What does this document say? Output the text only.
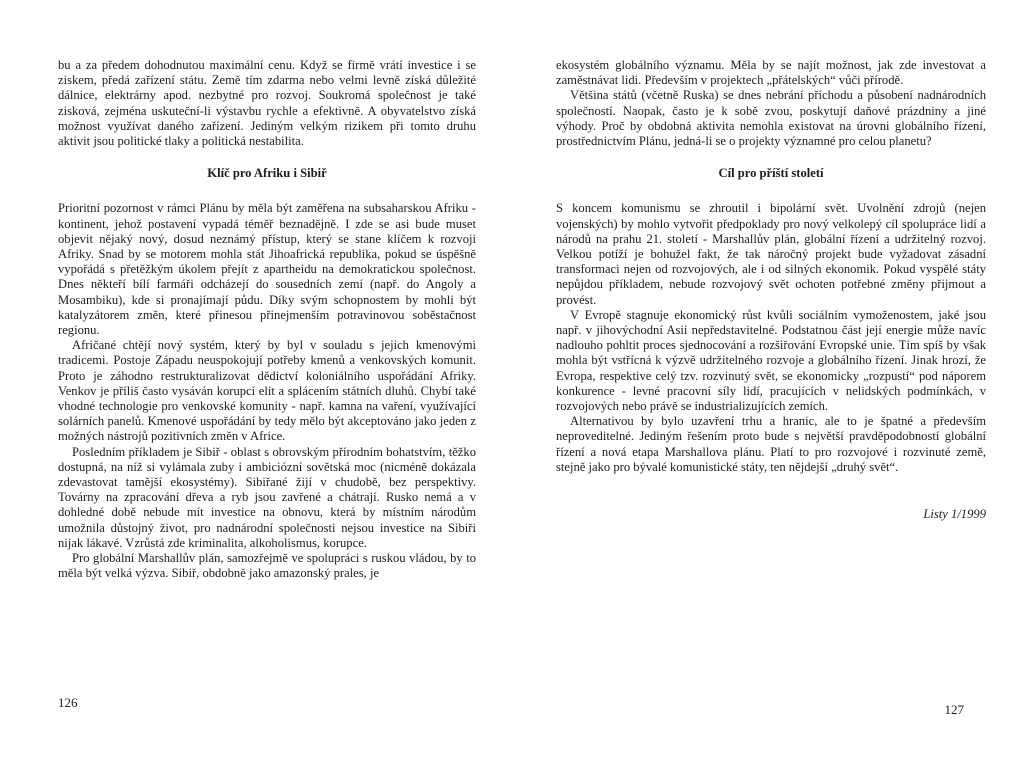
bu a za předem dohodnutou maximální cenu. Když se firmě vrátí investice i se ziskem, předá zařízení státu. Země tím zdarma nebo velmi levně získá důležité dálnice, elektrárny apod. nezbytné pro rozvoj. Soukromá společnost je také zisková, zejména uskuteční-li výstavbu rychle a efektivně. A obyvatelstvo získá možnost využívat daného zařízení. Jediným velkým rizikem při tomto druhu aktivit jsou politické tlaky a politická nestabilita.

Klíč pro Afriku i Sibiř

Prioritní pozornost v rámci Plánu by měla být zaměřena na subsaharskou Afriku - kontinent, jehož postavení vypadá téměř beznadějně. I zde se asi bude muset objevit nějaký nový, dosud neznámý přístup, který se stane klíčem k rozvoji Afriky. Snad by se motorem mohla stát Jihoafrická republika, pokud se úspěšně vypořádá s přetěžkým úkolem přejít z apartheidu na demokratickou společnost. Dnes někteří bílí farmáři odcházejí do sousedních zemí (např. do Angoly a Mosambiku), kde si pronajímají půdu. Díky svým schopnostem by mohli být katalyzátorem změn, které přinesou přinejmenším potravinovou soběstačnost regionu.

Afričané chtějí nový systém, který by byl v souladu s jejich kmenovými tradicemi. Postoje Západu neuspokojují potřeby kmenů a venkovských komunit. Proto je záhodno restrukturalizovat dědictví koloniálního uspořádání Afriky. Venkov je příliš často vysáván korupcí elit a splácením státních dluhů. Chybí také vhodné technologie pro venkovské komunity - např. kamna na vaření, využívající solárních panelů. Kmenové uspořádání by tedy mělo být akceptováno jako jeden z možných nástrojů pozitivních změn v Africe.

Posledním příkladem je Sibiř - oblast s obrovským přírodním bohatstvím, těžko dostupná, na níž si vylámala zuby i ambiciózní sovětská moc (nicméně dokázala zdevastovat tamější ekosystémy). Sibiřané žijí v chudobě, bez perspektivy. Továrny na zpracování dřeva a ryb jsou zavřené a chátrají. Rusko nemá a v dohledné době nebude mít investice na obnovu, která by místním národům umožnila důstojný život, pro nadnárodní společnosti nejsou investice na Sibiři nijak lákavé. Vzrůstá zde kriminalita, alkoholismus, korupce.

Pro globální Marshallův plán, samozřejmě ve spolupráci s ruskou vládou, by to měla být velká výzva. Sibiř, obdobně jako amazonský prales, je

126

ekosystém globálního významu. Měla by se najít možnost, jak zde investovat a zaměstnávat lidi. Především v projektech „přátelských“ vůči přírodě.

Většina států (včetně Ruska) se dnes nebrání příchodu a působení nadnárodních společností. Naopak, často je k sobě zvou, poskytují daňové prázdniny a jiné výhody. Proč by obdobná aktivita nemohla existovat na úrovni globálního řízení, prostřednictvím Plánu, jedná-li se o projekty významné pro celou planetu?

Cíl pro příští století

S koncem komunismu se zhroutil i bipolární svět. Uvolnění zdrojů (nejen vojenských) by mohlo vytvořit předpoklady pro nový velkolepý cíl spolupráce lidí a národů na prahu 21. století - Marshallův plán, globální řízení a udržitelný rozvoj. Velkou potíží je bohužel fakt, že tak náročný projekt bude vyžadovat zásadní transformaci nejen od rozvojových, ale i od silných ekonomik. Pokud vyspělé státy nepůjdou příkladem, nebude rozvojový svět ochoten potřebné změny přijmout a provést.

V Evropě stagnuje ekonomický růst kvůli sociálním vymoženostem, jaké jsou např. v jihovýchodní Asii nepředstavitelné. Podstatnou část její energie může navíc nadlouho pohltit proces sjednocování a rozšiřování Evropské unie. Tím spíš by však mohla být vstřícná k výzvě udržitelného rozvoje a globálního řízení. Jinak hrozí, že Evropa, respektive celý tzv. rozvinutý svět, se ekonomicky „rozpustí“ pod náporem konkurence - levné pracovní síly lidí, pracujících v nelidských podmínkách, v rozvojových nebo právě se industrializujících zemích.

Alternativou by bylo uzavření trhu a hranic, ale to je špatné a především neproveditelné. Jediným řešením proto bude s největší pravděpodobností globální řízení a nová etapa Marshallova plánu. Platí to pro rozvojové i rozvinuté země, stejně jako pro bývalé komunistické státy, ten nějdejší „druhý svět“.

Listy 1/1999
127
